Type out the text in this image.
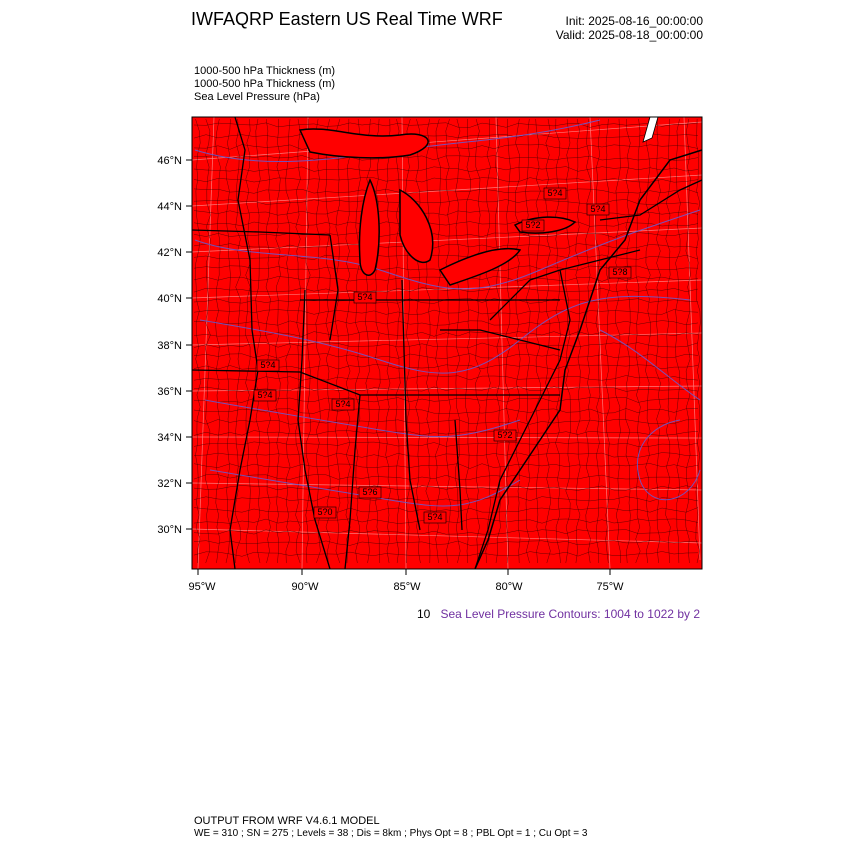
IWFAQRP Eastern US Real Time WRF	Init: 2025-08-16_00:00:00
Valid: 2025-08-18_00:00:00
1000-500 hPa Thickness (m)
1000-500 hPa Thickness (m)
Sea Level Pressure (hPa)
5?4
5?2
5?4
5?4
5?4
5?4
5?4
5?2
5?0	5?4
5?6
5?8
46°N
44°N
42°N
40°N
38°N
36°N
34°N
32°N
30°N
95°W	90°W	85°W	80°W	75°W
10 Sea Level Pressure Contours: 1004 to 1022 by 2
OUTPUT FROM WRF V4.6.1 MODEL
WE = 310 ; SN = 275 ; Levels = 38 ; Dis = 8km ; Phys Opt = 8 ; PBL Opt = 1 ; Cu Opt = 3
